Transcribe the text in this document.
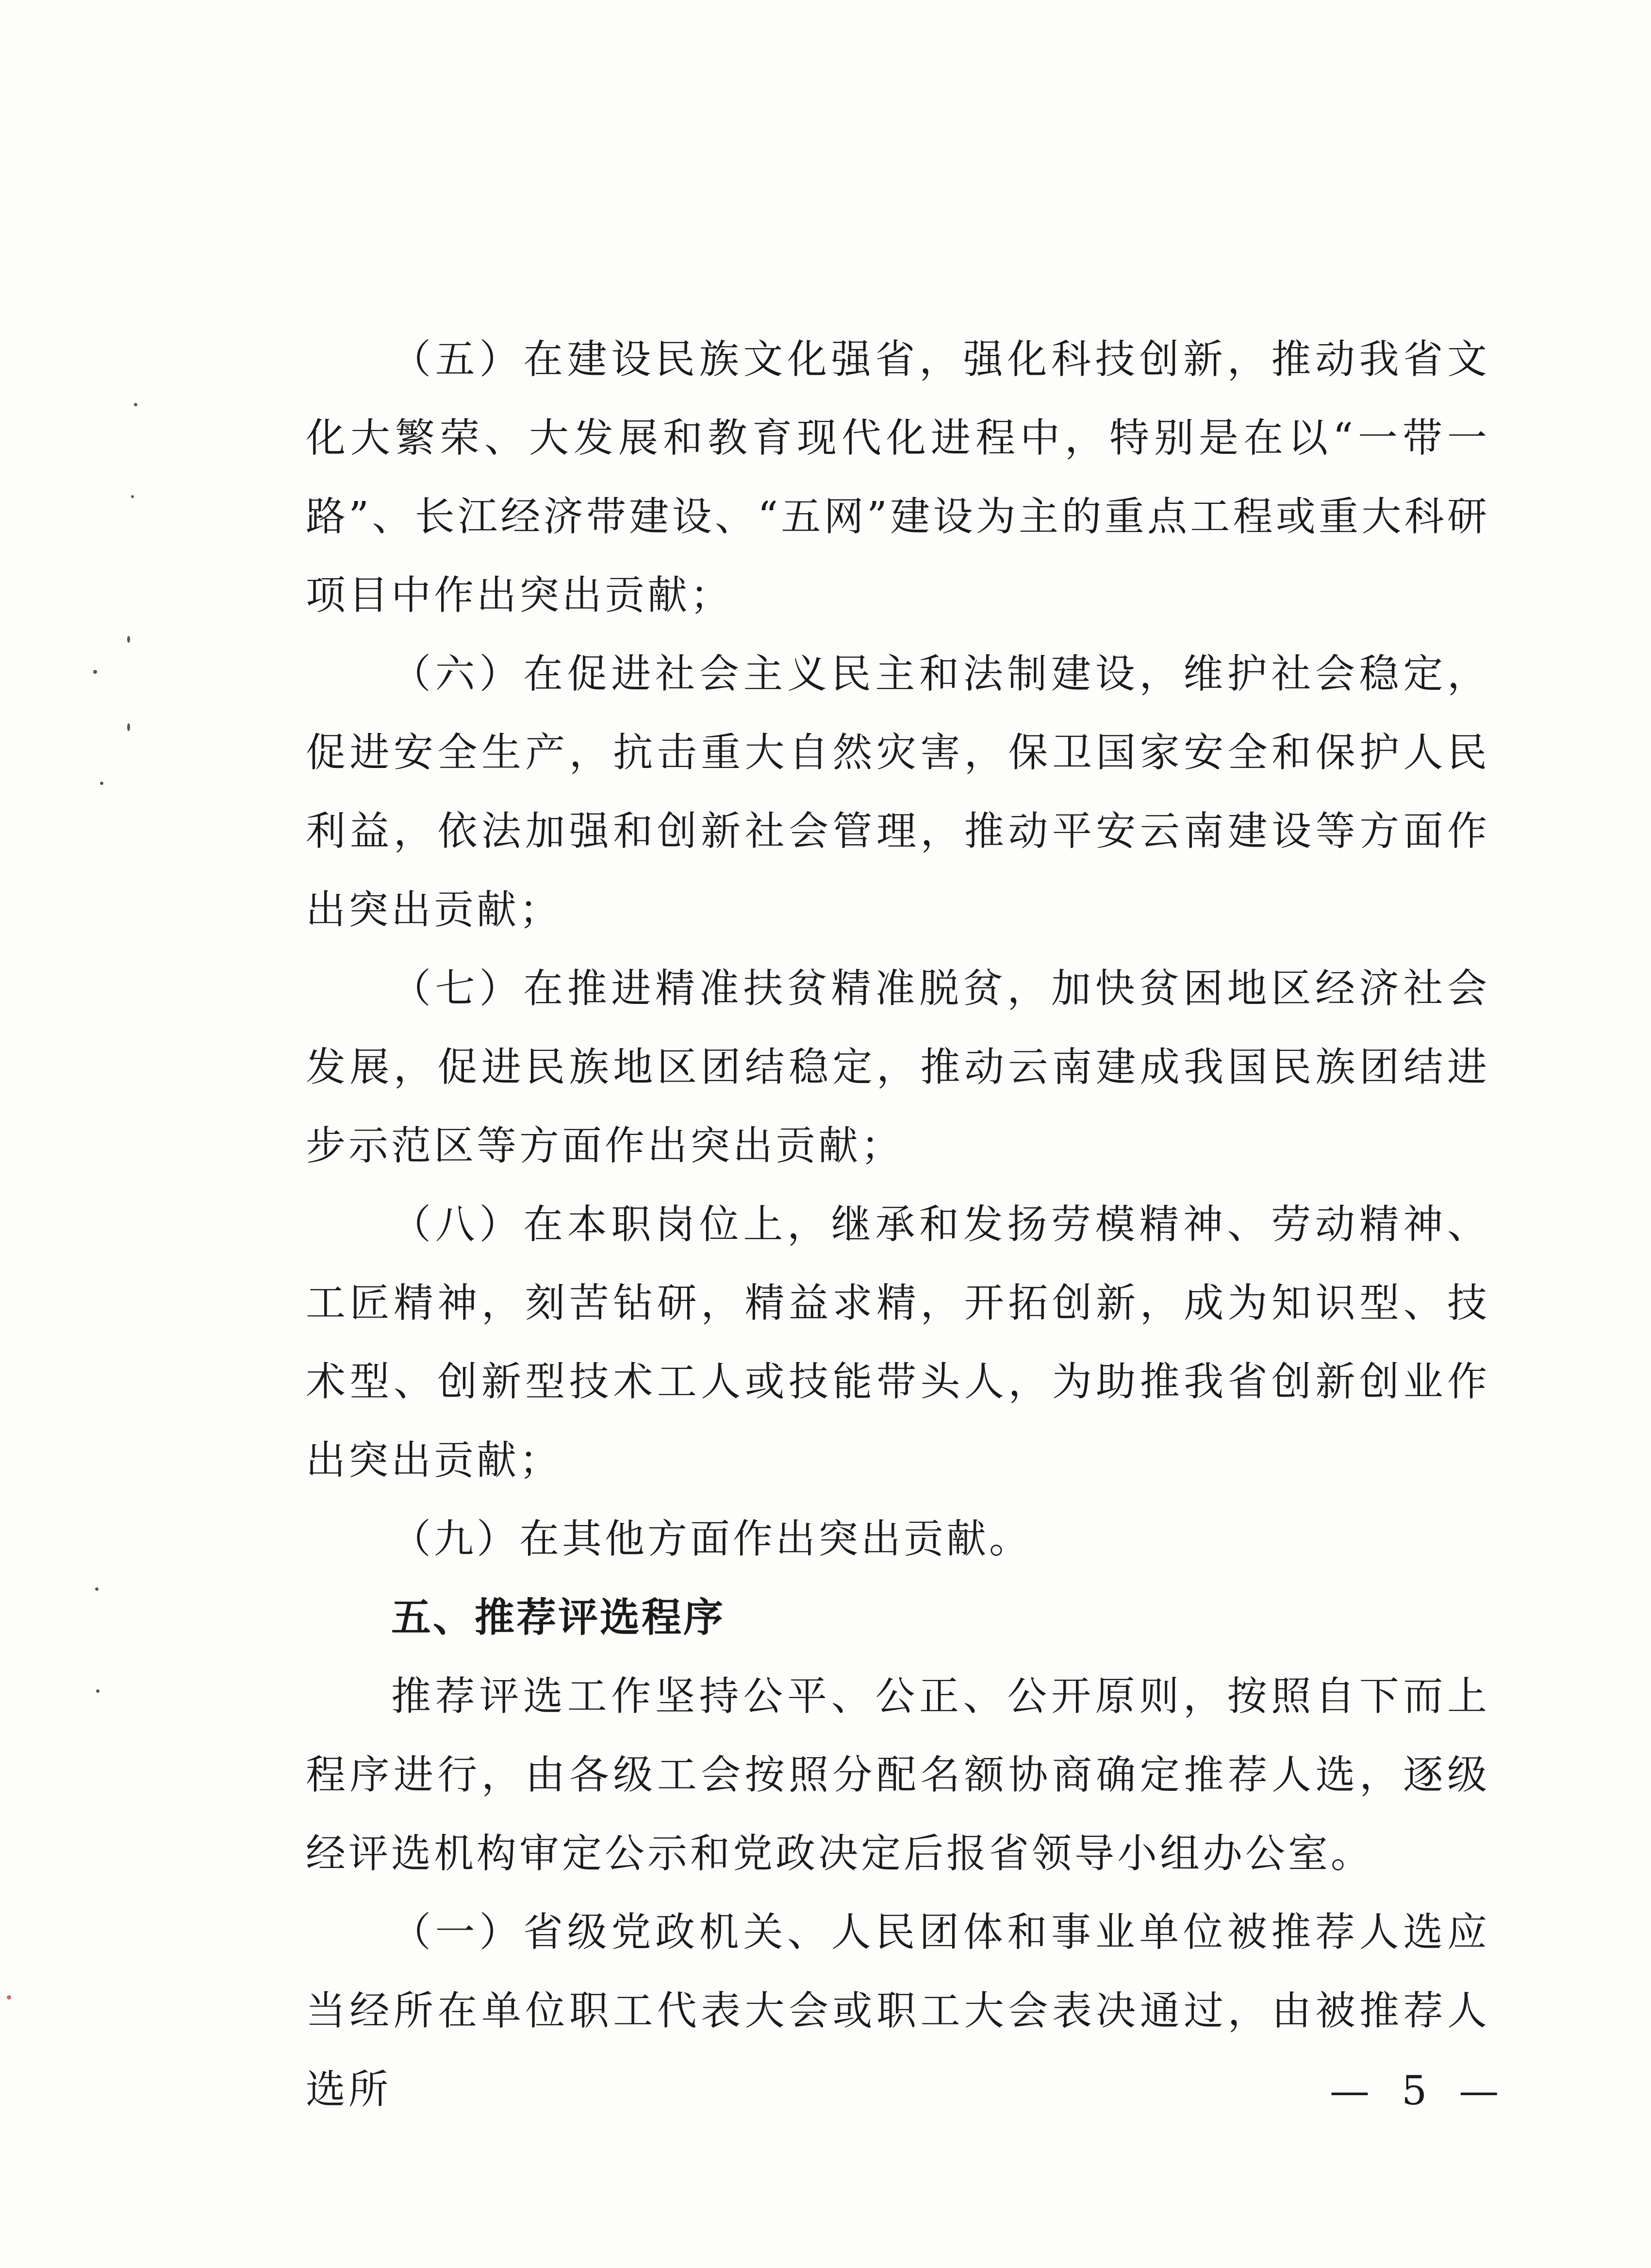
（五）在建设民族文化强省，强化科技创新，推动我省文化大繁荣、大发展和教育现代化进程中，特别是在以“一带一路”、长江经济带建设、“五网”建设为主的重点工程或重大科研项目中作出突出贡献；

（六）在促进社会主义民主和法制建设，维护社会稳定，促进安全生产，抗击重大自然灾害，保卫国家安全和保护人民利益，依法加强和创新社会管理，推动平安云南建设等方面作出突出贡献；

（七）在推进精准扶贫精准脱贫，加快贫困地区经济社会发展，促进民族地区团结稳定，推动云南建成我国民族团结进步示范区等方面作出突出贡献；

（八）在本职岗位上，继承和发扬劳模精神、劳动精神、工匠精神，刻苦钻研，精益求精，开拓创新，成为知识型、技术型、创新型技术工人或技能带头人，为助推我省创新创业作出突出贡献；

（九）在其他方面作出突出贡献。

五、推荐评选程序

推荐评选工作坚持公平、公正、公开原则，按照自下而上程序进行，由各级工会按照分配名额协商确定推荐人选，逐级经评选机构审定公示和党政决定后报省领导小组办公室。

（一）省级党政机关、人民团体和事业单位被推荐人选应当经所在单位职工代表大会或职工大会表决通过，由被推荐人选所	— 5 —
